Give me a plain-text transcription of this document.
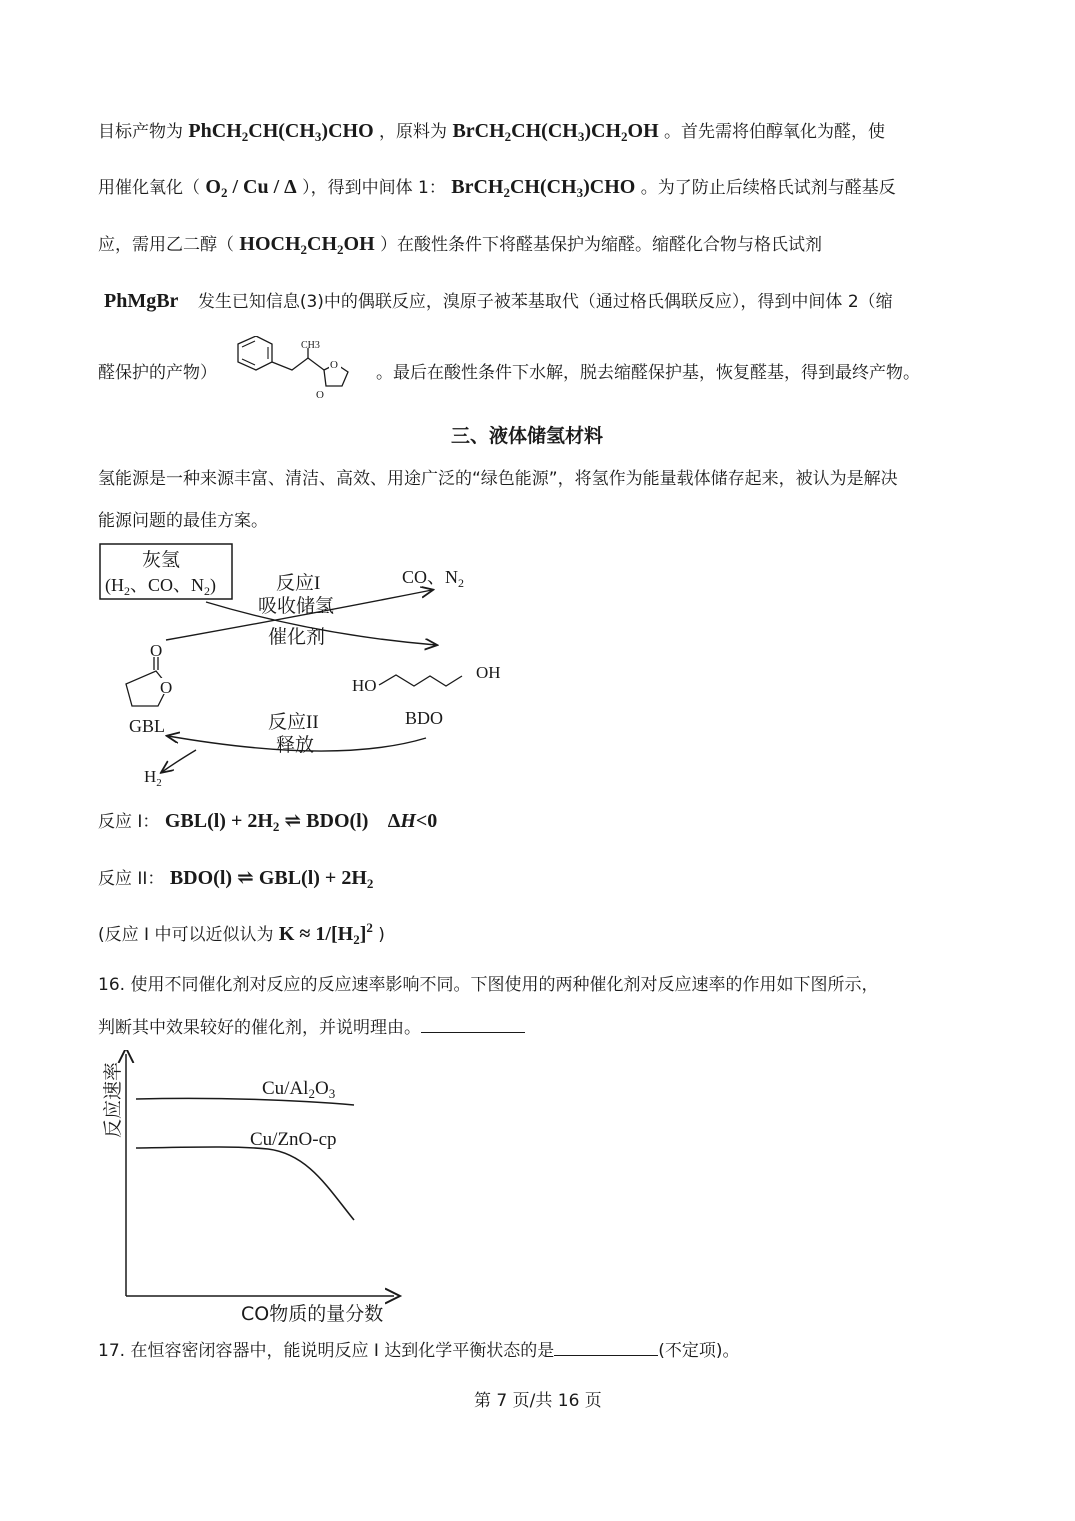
目标产物为 $PhCH_2CH(CH_3)CHO$ ，原料为 $BrCH_2CH(CH_3)CH_2OH$ 。首先需将伯醇氧化为醛，使
用催化氧化（ $O_2$ / Cu / Δ ），得到中间体 1： $BrCH_2CH(CH_3)CHO$ 。为了防止后续格氏试剂与醛基反
应，需用乙二醇（ $HOCH_2CH_2OH$ ）在酸性条件下将醛基保护为缩醛。缩醛化合物与格氏试剂
PhMgBr 发生已知信息(3)中的偶联反应，溴原子被苯基取代（通过格氏偶联反应），得到中间体 2（缩
醛保护的产物）
CH3
O
O
。最后在酸性条件下水解，脱去缩醛保护基，恢复醛基，得到最终产物。
三、液体储氢材料
氢能源是一种来源丰富、清洁、高效、用途广泛的“绿色能源”，将氢作为能量载体储存起来，被认为是解决
能源问题的最佳方案。
灰氢
($H_2$、CO、$N_2$)	反应I
吸收储氢
催化剂
CO、$N_2$
O
O
GBL
HO
OH
BDO
反应II
释放
$H_2$
反应 I： $GBL(l) + 2H_2$ ⇌ BDO(l) ΔH<0
反应 II： BDO(l) ⇌ $GBL(l) + 2H_2$
(反应 I 中可以近似认为 $K \approx 1/[H_2]^2$ )
16. 使用不同催化剂对反应的反应速率影响不同。下图使用的两种催化剂对反应速率的作用如下图所示，
判断其中效果较好的催化剂，并说明理由。
反应速率
CO物质的量分数
$Cu/Al_2O_3$
Cu/ZnO-cp
17. 在恒容密闭容器中，能说明反应 I 达到化学平衡状态的是	(不定项)。
第 7 页/共 16 页
